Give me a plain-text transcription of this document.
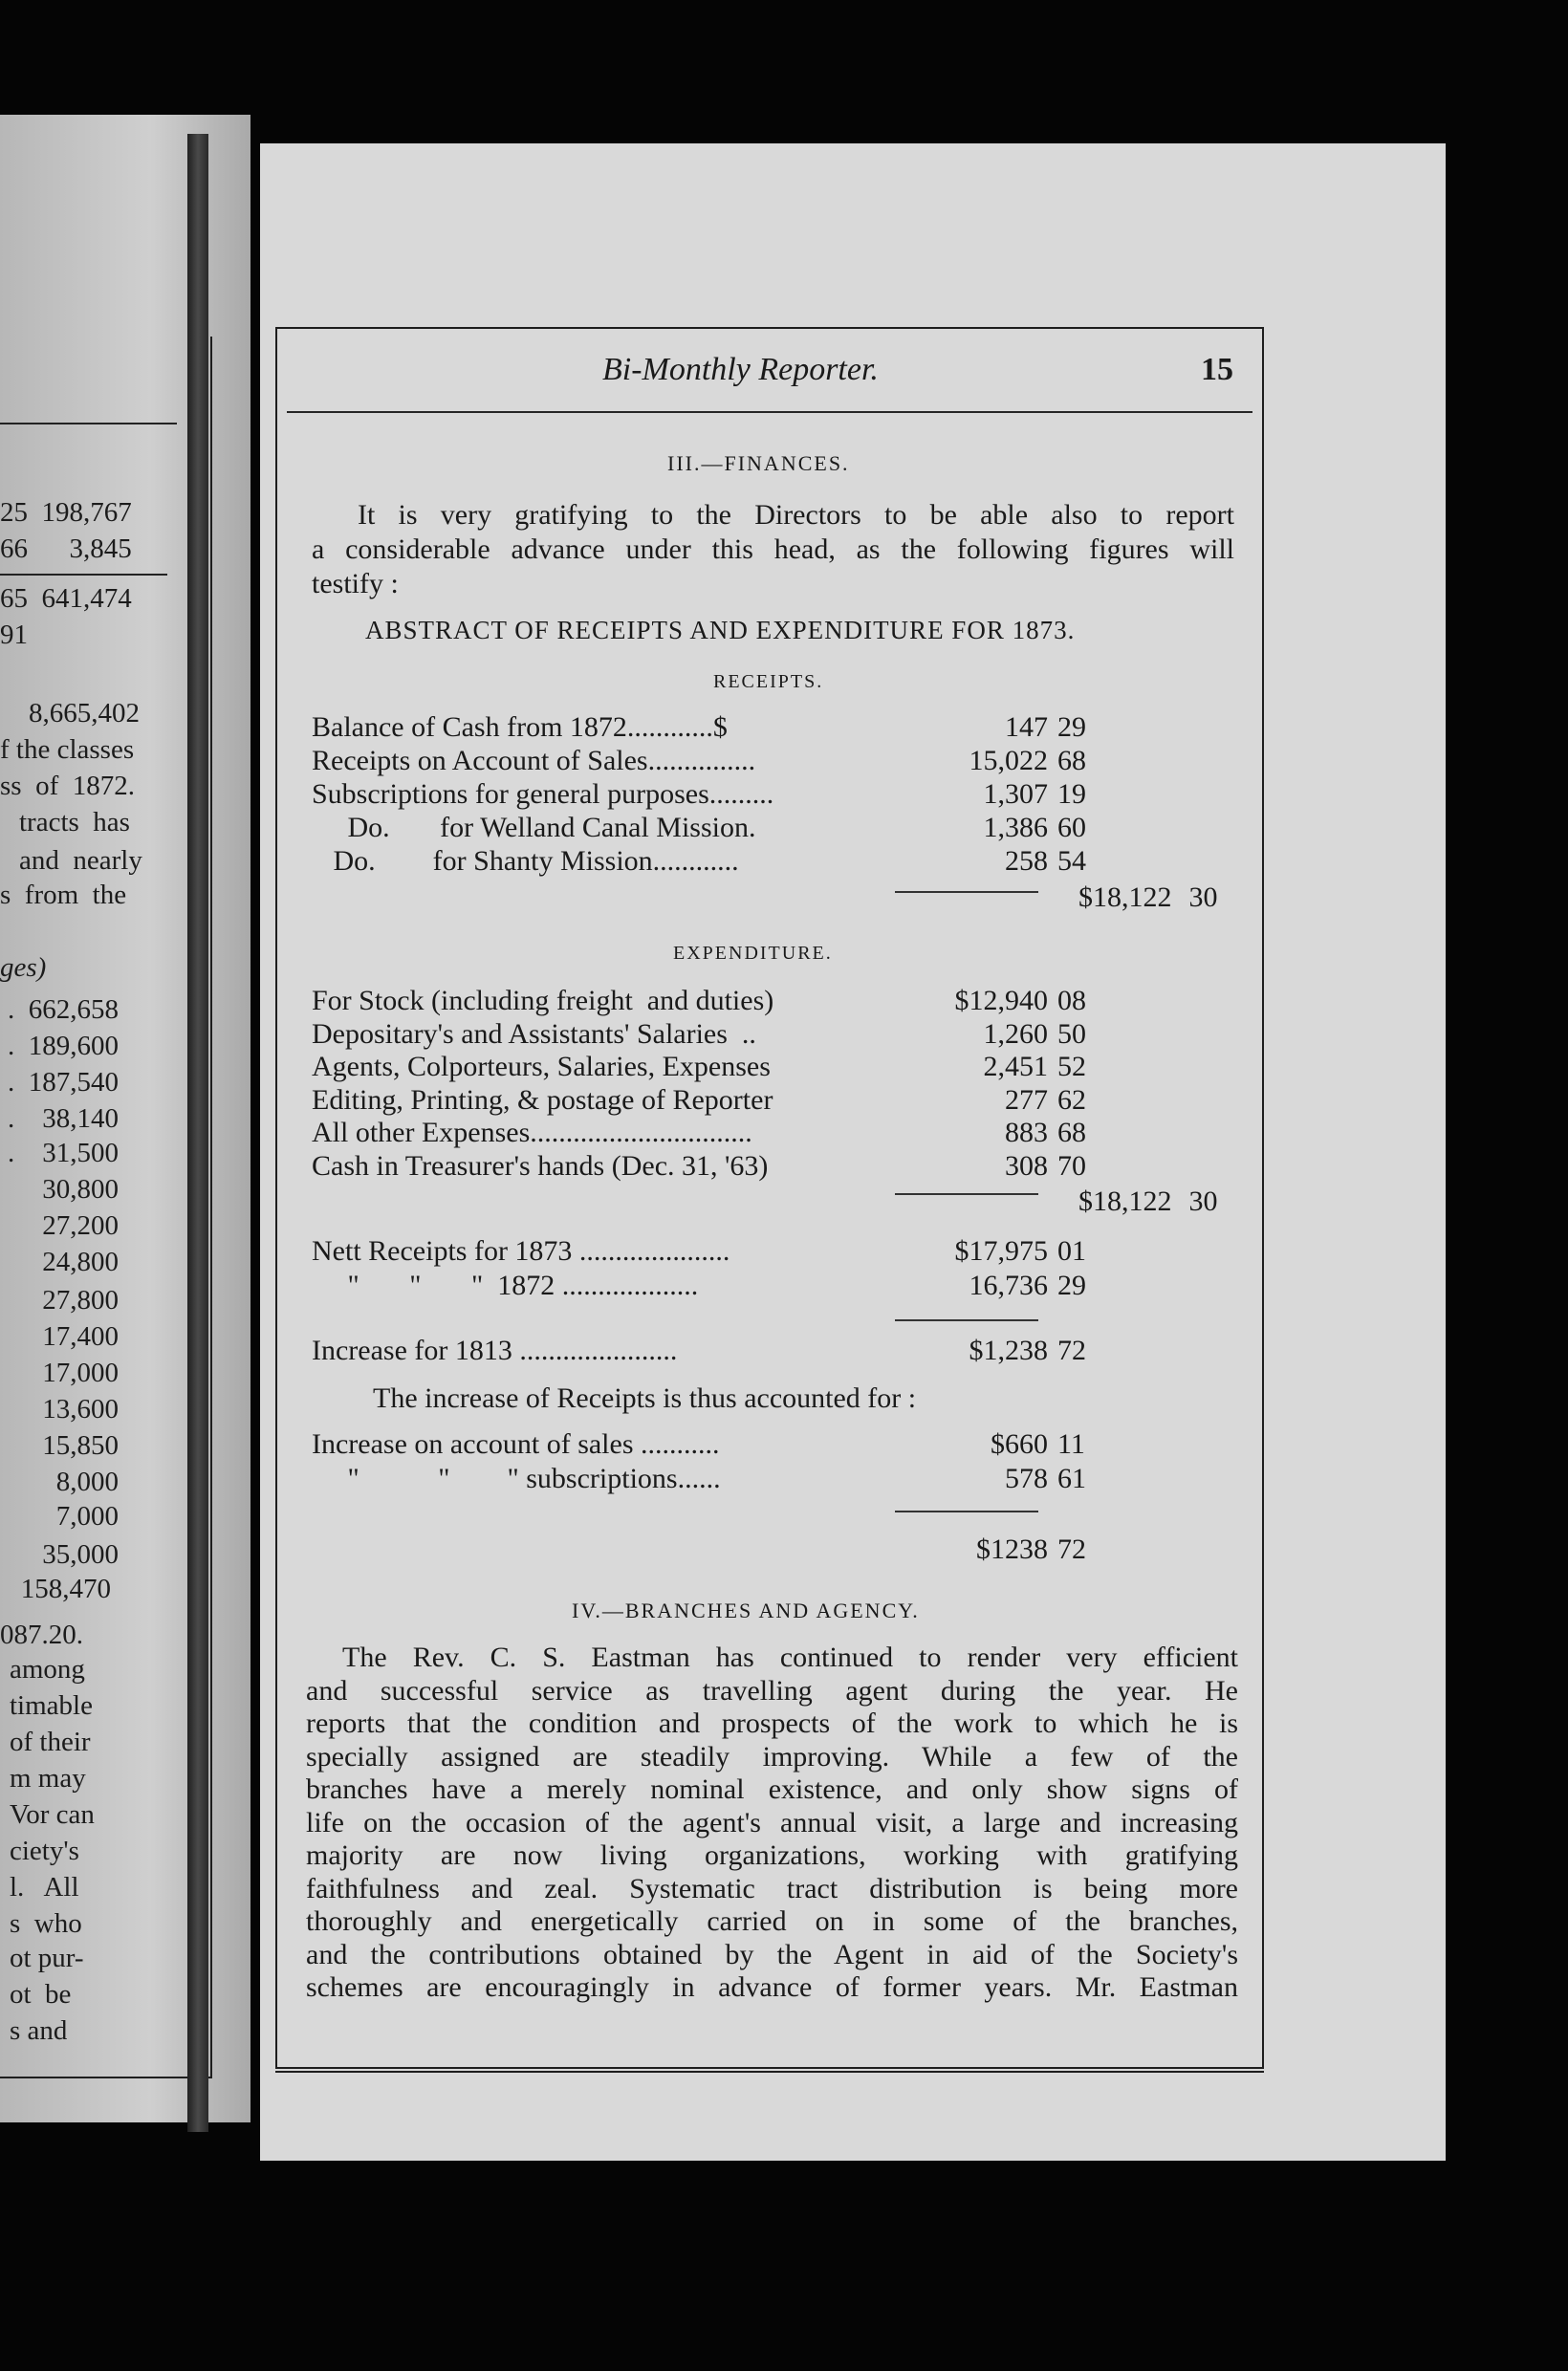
25  198,767
66      3,845
65  641,474
91
8,665,402
f the classes
ss  of  1872.
tracts  has
and  nearly
s  from  the
ges)
.  662,658
.  189,600
.  187,540
.    38,140
.    31,500
30,800
27,200
24,800
27,800
17,400
17,000
13,600
15,850
8,000
7,000
35,000
158,470
087.20.
among
timable
of their
m may
Vor can
ciety's
l.   All
s  who
ot pur-
ot  be
s and
Bi-Monthly Reporter.	15
III.—FINANCES.
It is very gratifying to the Directors to be able also to report
a considerable advance under this head, as the following figures will
testify :
ABSTRACT OF RECEIPTS AND EXPENDITURE FOR 1873.
RECEIPTS.
Balance of Cash from 1872............$	147 29
Receipts on Account of Sales...............	15,022 68
Subscriptions for general purposes.........	1,307 19
Do.       for Welland Canal Mission.	1,386 60
Do.        for Shanty Mission............	258 54
$18,122 30
EXPENDITURE.
For Stock (including freight  and duties)	$12,940 08
Depositary's and Assistants' Salaries  ..	1,260 50
Agents, Colporteurs, Salaries, Expenses	2,451 52
Editing, Printing, & postage of Reporter	277 62
All other Expenses...............................	883 68
Cash in Treasurer's hands (Dec. 31, '63)	308 70
$18,122 30
Nett Receipts for 1873 .....................	$17,975 01
"       "       "  1872 ...................	16,736 29
Increase for 1813 ......................	$1,238 72
The increase of Receipts is thus accounted for :
Increase on account of sales ...........	$660 11
"           "        " subscriptions......	578 61
$1238 72
IV.—BRANCHES AND AGENCY.
The Rev. C. S. Eastman has continued to render very efficient
and successful service as travelling agent during the year. He
reports that the condition and prospects of the work to which he is
specially assigned are steadily improving. While a few of the
branches have a merely nominal existence, and only show signs of
life on the occasion of the agent's annual visit, a large and increasing
majority are now living organizations, working with gratifying
faithfulness and zeal. Systematic tract distribution is being more
thoroughly and energetically carried on in some of the branches,
and the contributions obtained by the Agent in aid of the Society's
schemes are encouragingly in advance of former years. Mr. Eastman
